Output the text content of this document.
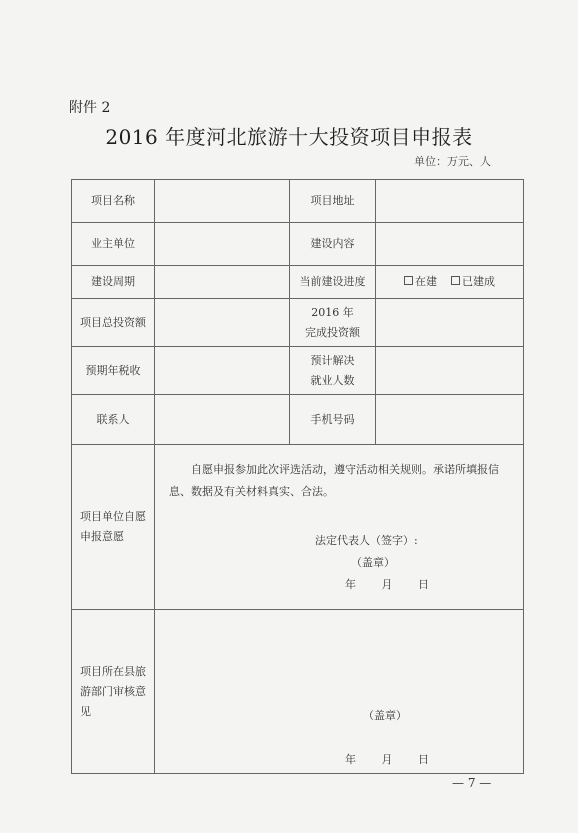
附件 2
2016 年度河北旅游十大投资项目申报表
单位：万元、人
项目名称		项目地址	
业主单位		建设内容	
建设周期		当前建设进度	在建 已建成
项目总投资额		2016 年
完成投资额	

预期年税收		预计解决
就业人数	

联系人		手机号码	
项目单位自愿申报意愿	自愿申报参加此次评选活动，遵守活动相关规则。承诺所填报信息、数据及有关材料真实、合法。
法定代表人（签字）:
（盖章）
年 月 日		

项目所在县旅游部门审核意见	（盖章）
年 月 日		
— 7 —
